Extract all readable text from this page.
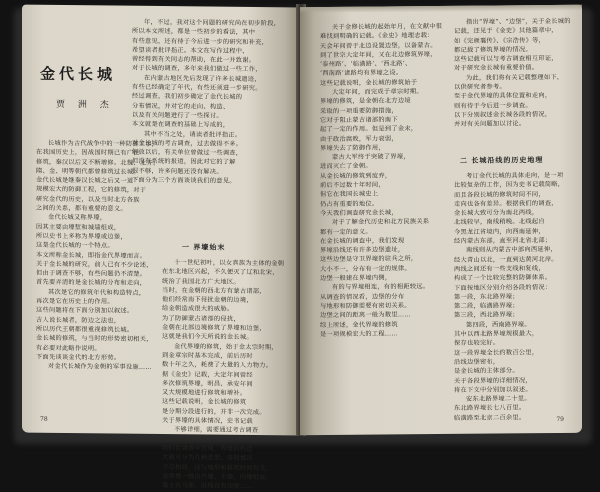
金代长城
贾 洲 杰
年，不过，我对这个问题的研究尚在初步阶段，
所以本文所述，都是一些初步的看法，其中
有些意见，还有待于今后进一步的研究和补充，
希望读者批评指正。本文在写作过程中，
曾经得到有关同志的帮助，在此一并致谢。
对于长城的调查，多年来我们做过一些工作，
在内蒙古地区先后发现了许多长城遗迹，
有些已经确定了年代，有些还须进一步研究。
经过调查，我们初步确定了金代长城的
分布情况，并对它的走向、构造、
以及有关问题进行了一些探讨。
本文就是在调查的基础上写成的，
其中不当之处，请读者批评指正。
对金长城的考古调查，过去做得不多。
解放以后，有关单位曾做过一些调查，
但没有系统的报道，因此对它的了解
很不够，许多问题还没有解决。
下面分为三个方面谈谈我们的意见。
长城作为古代战争中的一种防御工事，
在我国历史上，因战国时期已有广泛
修筑，秦汉以后又不断增修。北魏、北齐、
隋、金、明等朝代都曾修筑过长城。
金代长城是继秦汉长城之后又一道
规模宏大的防御工程，它的修筑，对于
研究金代的历史，以及当时北方各族
之间的关系，都有重要的意义。
金代长城又称界壕，
因其主要由壕堑和城墙组成，
所以史书上多称为界壕或边堡，
这是金代长城的一个特点。
本文所称金长城，即指金代界壕而言。
关于金长城的研究，前人已有不少论述，
但由于调查不够，有些问题仍不清楚。
首先要弄清的是金长城的分布和走向，
其次是它的修筑年代和构造特点，
再次是它在历史上的作用。
这些问题将在下面分别加以叙述。
古人说长城者，防边之法也，
所以历代王朝都很重视修筑长城。
金长城的修筑，与当时的形势密切相关，
有必要对此略作说明。
下面先谈谈金代的北方形势。
对金代长城作为金朝的军事设施……
一 界壕始末
十一世纪初叶，以女真族为主体的金朝
在东北地区兴起，不久便灭了辽和北宋，
统治了我国北方广大地区。
当时，在金朝的西北方有蒙古诸部，
他们经常南下侵扰金朝的边境，
给金朝造成很大的威胁。
为了防御蒙古诸部的侵扰，
金朝在北部边境修筑了界壕和边堡，
这就是我们今天所说的金长城。
金代界壕的修筑，始于金太宗时期，
到金章宗时基本完成，前后历时
数十年之久，耗费了大量的人力物力。
据《金史》记载，大定年间曾经
多次修筑界壕，明昌、承安年间
又大规模地进行修筑和增补。
这些记载说明，金长城的修筑
是分期分段进行的，并非一次完成。
关于界壕的具体情况，史书记载
不够详细，需要通过考古调查
加以补充和证实。
我们在调查中发现，界壕的构造
大致可分为几种类型，各段情况
不尽相同，这与地形和修筑时间有关。
金界壕一般由外壕、主墙、内壕组成，
墙上有马面，沿线设有边堡……
78
关于金修长城的起始年月，在文献中很
难找到明确的记载。《金史》地理志载：
天会年间曾于北边设置边堡，以备蒙古。
到了世宗大定年间，又在北边修筑界壕，
‘泰州路’、‘临潢路’、‘西北路’、
‘西南路’诸路均有界壕之设。
这些记载说明，金长城的修筑始于
大定年间，而完成于章宗时期。
界壕的修筑，是金朝在北方边境
采取的一项重要防御措施，
它对于阻止蒙古诸部的南下
起了一定的作用。但是到了金末，
由于政治腐败，军力衰弱，
界壕失去了防御作用，
蒙古大军终于突破了界壕，
进而灭亡了金朝。
从金长城的修筑到废弃，
前后不过数十年时间，
但它在我国长城史上
仍占有重要的地位。
今天我们调查研究金长城，
对于了解金代历史和北方民族关系
都有一定的意义。
在金长城的调查中，我们发现
界壕沿线还有许多边堡遗址，
这些边堡是守卫界壕的驻兵之所，
大小不一，分布有一定的规律。
边堡一般建在界壕内侧，
有的与界壕相连，有的相距较远。
从调查的情况看，边堡的分布
与地形和防御需要有密切关系。
边堡之间的距离一般为数里……
综上所述，金代界壕的修筑
是一项规模宏大的工程……
指出“界壕”、“边堡”，关于金长城的
记载，还见于《金史》其他篇章中，
如《完颜襄传》、《宗浩传》等，
都记载了修筑界壕的情况。
这些记载可以与考古调查相互印证，
对于研究金长城有重要价值。
为此，我们将有关记载整理如下，
以供研究者参考。
至于金代界壕的具体位置和走向，
则有待于今后进一步调查。
以下分别叙述金长城各段的情况，
并对有关问题加以讨论。
二 长城沿线的历史地理
考订金代长城的具体走向，是一项
比较复杂的工作，因为史书记载简略，
而且各段长城的修筑时间不同，
走向也各有差异。根据我们的调查，
金长城大致可分为南北两线，
北线较早，南线稍晚。北线起自
今黑龙江省境内，向西南延伸，
经内蒙古东部，直至河北省北部；
南线则从内蒙古中部向西延伸，
经大青山以北，一直到达黄河北岸。
两线之间还有一些支线和复线，
构成了一个比较完整的防御体系。
下面按地区分别介绍各段的情况：
第一段，东北路界壕；
第二段，临潢路界壕；
第三段，西北路界壕；
第四段，西南路界壕。
其中以西北路界壕规模最大，
保存也较完好。
这一段界壕全长约数百公里，
沿线边堡密布，
是金长城的主体部分。
关于各段界壕的详细情况，
将在下文中分别加以叙述。
安东北路界壕二十里。
东北路界壕长七八百里。
临潢路至北京二百余里。	79
